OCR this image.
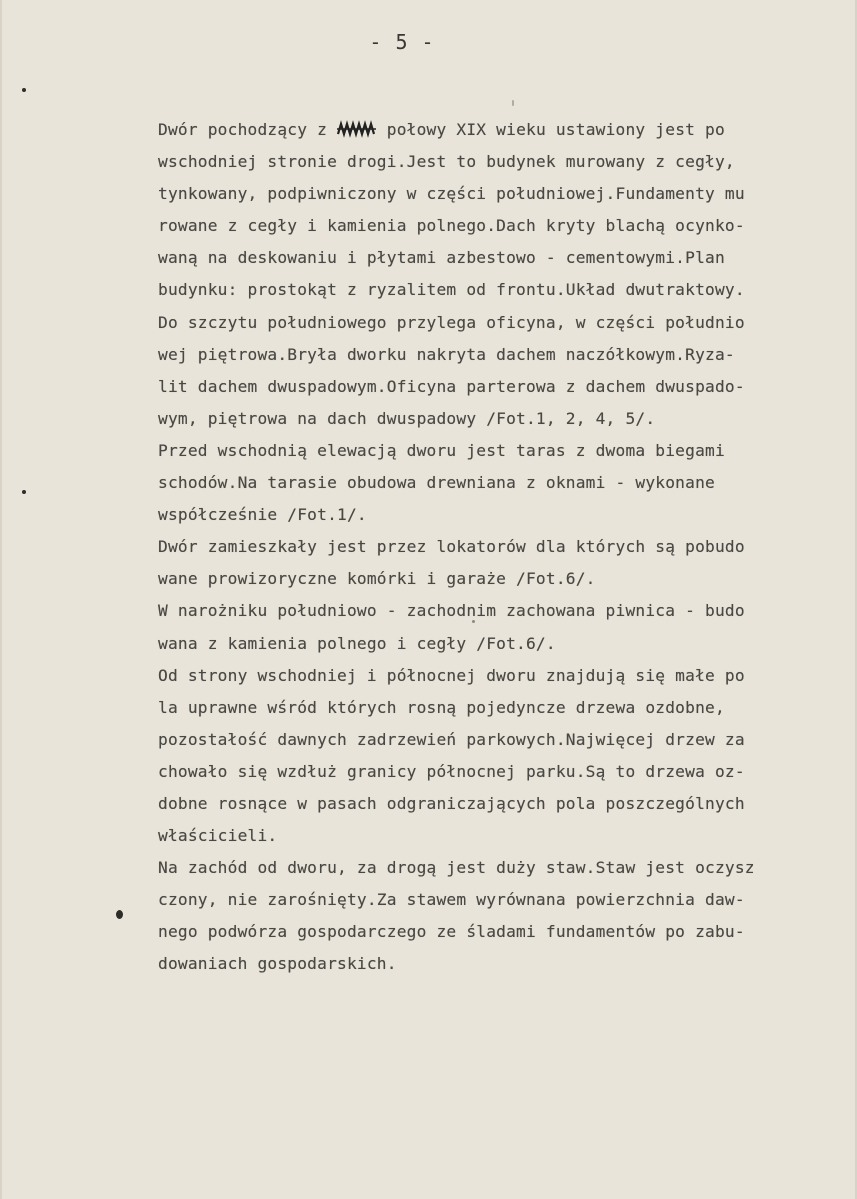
- 5 -
Dwór pochodzący z
połowy XIX wieku ustawiony jest po
wschodniej stronie drogi.Jest to budynek murowany z cegły,
tynkowany, podpiwniczony w części południowej.Fundamenty mu
rowane z cegły i kamienia polnego.Dach kryty blachą ocynko-
waną na deskowaniu i płytami azbestowo - cementowymi.Plan
budynku: prostokąt z ryzalitem od frontu.Układ dwutraktowy.
Do szczytu południowego przylega oficyna, w części południo
wej piętrowa.Bryła dworku nakryta dachem naczółkowym.Ryza-
lit dachem dwuspadowym.Oficyna parterowa z dachem dwuspado-
wym, piętrowa na dach dwuspadowy /Fot.1, 2, 4, 5/.
Przed wschodnią elewacją dworu jest taras z dwoma biegami
schodów.Na tarasie obudowa drewniana z oknami - wykonane
współcześnie /Fot.1/.
Dwór zamieszkały jest przez lokatorów dla których są pobudo
wane prowizoryczne komórki i garaże /Fot.6/.
W narożniku południowo - zachodnim zachowana piwnica - budo
wana z kamienia polnego i cegły /Fot.6/.
Od strony wschodniej i północnej dworu znajdują się małe po
la uprawne wśród których rosną pojedyncze drzewa ozdobne,
pozostałość dawnych zadrzewień parkowych.Najwięcej drzew za
chowało się wzdłuż granicy północnej parku.Są to drzewa oz-
dobne rosnące w pasach odgraniczających pola poszczególnych
właścicieli.
Na zachód od dworu, za drogą jest duży staw.Staw jest oczysz
czony, nie zarośnięty.Za stawem wyrównana powierzchnia daw-
nego podwórza gospodarczego ze śladami fundamentów po zabu-
dowaniach gospodarskich.
